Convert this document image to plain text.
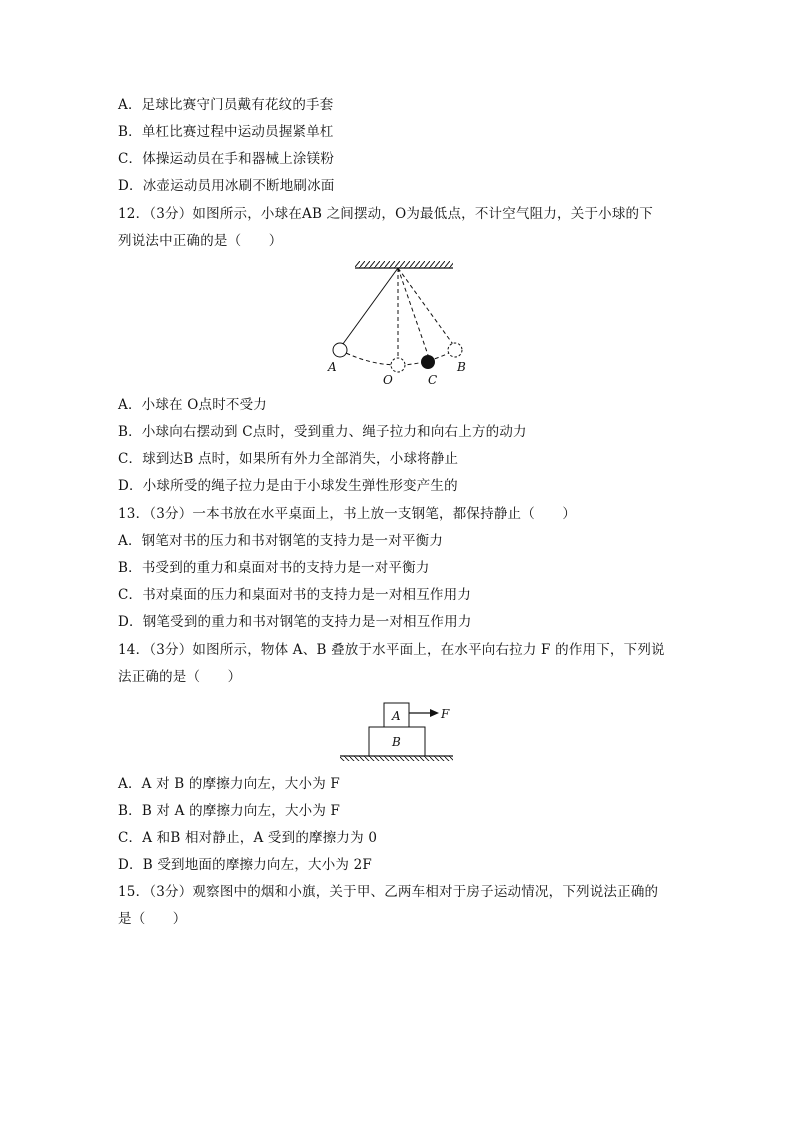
A．足球比赛守门员戴有花纹的手套
B．单杠比赛过程中运动员握紧单杠
C．体操运动员在手和器械上涂镁粉
D．冰壶运动员用冰刷不断地刷冰面
12．（3分）如图所示，小球在AB 之间摆动，O为最低点，不计空气阻力，关于小球的下
列说法中正确的是（　　）
A
O	C
B
A．小球在 O点时不受力
B．小球向右摆动到 C点时，受到重力、绳子拉力和向右上方的动力
C．球到达B 点时，如果所有外力全部消失，小球将静止
D．小球所受的绳子拉力是由于小球发生弹性形变产生的
13．（3分）一本书放在水平桌面上，书上放一支钢笔，都保持静止（　　）
A．钢笔对书的压力和书对钢笔的支持力是一对平衡力
B．书受到的重力和桌面对书的支持力是一对平衡力
C．书对桌面的压力和桌面对书的支持力是一对相互作用力
D．钢笔受到的重力和书对钢笔的支持力是一对相互作用力
14．（3分）如图所示，物体 A、B 叠放于水平面上，在水平向右拉力 F 的作用下，下列说
法正确的是（　　）
A
B
F
A．A 对 B 的摩擦力向左，大小为 F
B．B 对 A 的摩擦力向左，大小为 F
C．A 和B 相对静止，A 受到的摩擦力为 0
D．B 受到地面的摩擦力向左，大小为 2F
15．（3分）观察图中的烟和小旗，关于甲、乙两车相对于房子运动情况，下列说法正确的
是（　　）
